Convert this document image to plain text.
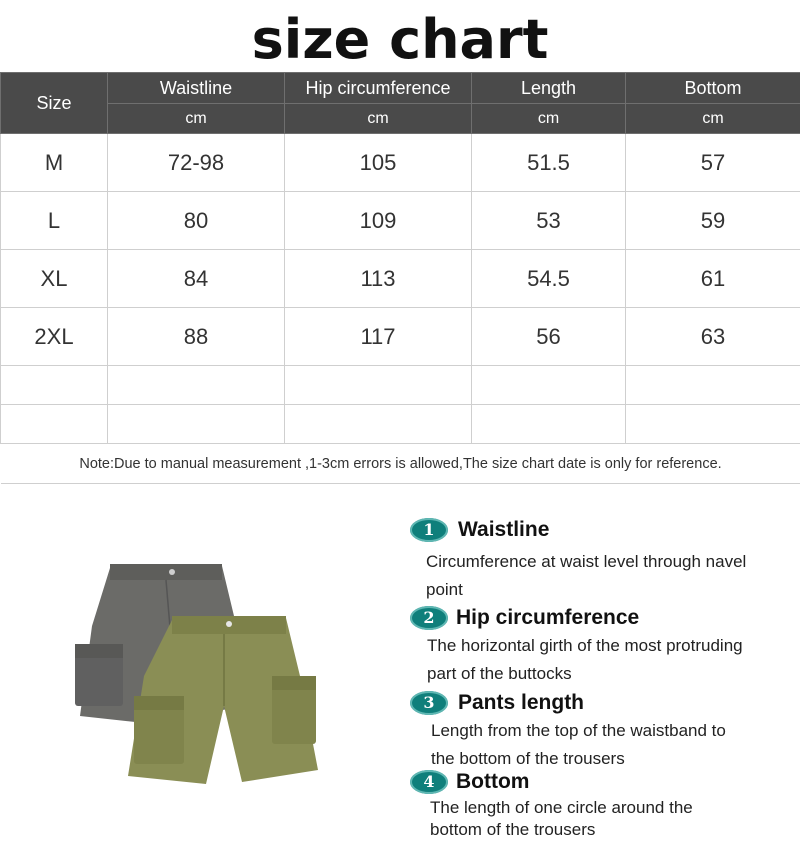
size chart
Size	Waistline	Hip circumference	Length	Bottom
	cm	cm	cm	cm
M	72-98	105	51.5	57
L	80	109	53	59
XL	84	113	54.5	61
2XL	88	117	56	63

Note:Due to manual measurement ,1-3cm errors is allowed,The size chart date is only for reference.				
1	Waistline
Circumference at waist level through navel
point
2	Hip circumference
The horizontal girth of the most protruding
part of the buttocks
3	Pants length
Length from the top of the waistband to
the bottom of the trousers
4	Bottom
The length of one circle around the
bottom of the trousers
